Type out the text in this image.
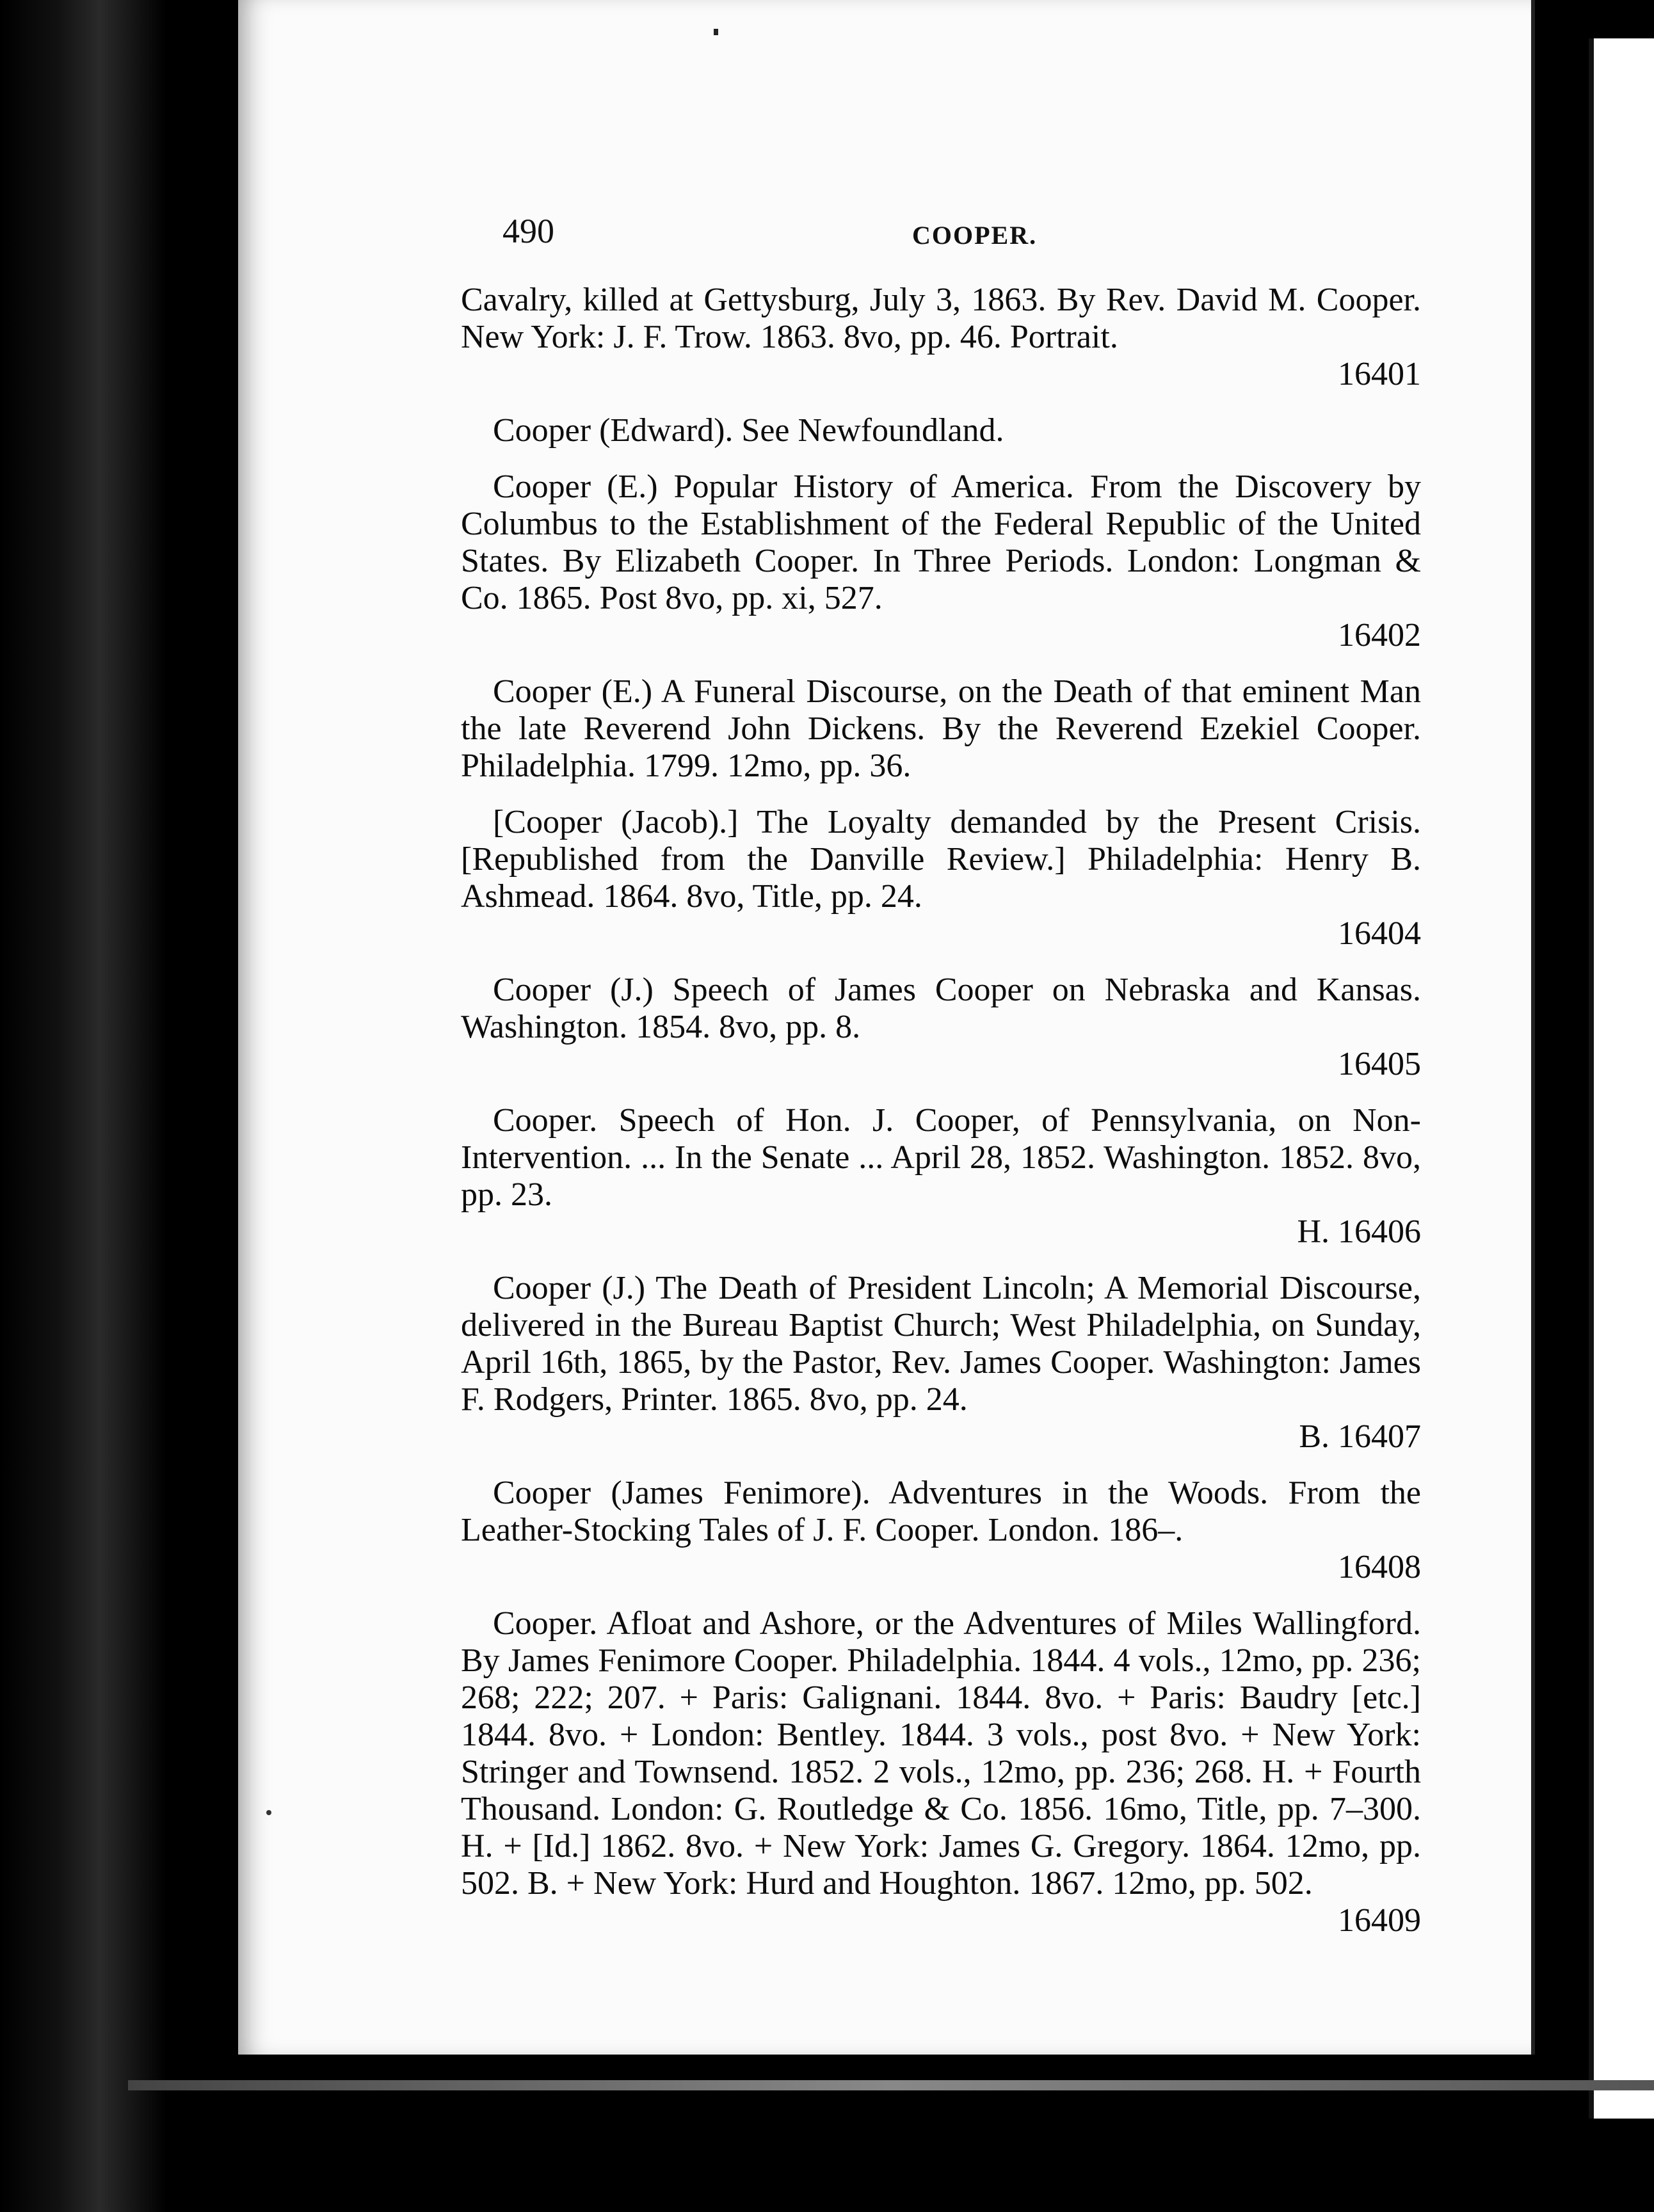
490	COOPER.

Cavalry, killed at Gettysburg, July 3, 1863. By Rev. David M. Cooper. New York: J. F. Trow. 1863. 8vo, pp. 46. Portrait.
16401

Cooper (Edward). See Newfoundland.

Cooper (E.) Popular History of America. From the Discovery by Columbus to the Establishment of the Federal Republic of the United States. By Elizabeth Cooper. In Three Periods. London: Longman & Co. 1865. Post 8vo, pp. xi, 527.
16402

Cooper (E.) A Funeral Discourse, on the Death of that eminent Man the late Reverend John Dickens. By the Reverend Ezekiel Cooper. Philadelphia. 1799. 12mo, pp. 36.

[Cooper (Jacob).] The Loyalty demanded by the Present Crisis. [Republished from the Danville Review.] Philadelphia: Henry B. Ashmead. 1864. 8vo, Title, pp. 24.
16404

Cooper (J.) Speech of James Cooper on Nebraska and Kansas. Washington. 1854. 8vo, pp. 8.
16405

Cooper. Speech of Hon. J. Cooper, of Pennsylvania, on Non-Intervention. ... In the Senate ... April 28, 1852. Washington. 1852. 8vo, pp. 23.
H. 16406

Cooper (J.) The Death of President Lincoln; A Memorial Discourse, delivered in the Bureau Baptist Church; West Philadelphia, on Sunday, April 16th, 1865, by the Pastor, Rev. James Cooper. Washington: James F. Rodgers, Printer. 1865. 8vo, pp. 24.
B. 16407

Cooper (James Fenimore). Adventures in the Woods. From the Leather-Stocking Tales of J. F. Cooper. London. 186–.
16408

Cooper. Afloat and Ashore, or the Adventures of Miles Wallingford. By James Fenimore Cooper. Philadelphia. 1844. 4 vols., 12mo, pp. 236; 268; 222; 207. + Paris: Galignani. 1844. 8vo. + Paris: Baudry [etc.] 1844. 8vo. + London: Bentley. 1844. 3 vols., post 8vo. + New York: Stringer and Townsend. 1852. 2 vols., 12mo, pp. 236; 268. H. + Fourth Thousand. London: G. Routledge & Co. 1856. 16mo, Title, pp. 7–300. H. + [Id.] 1862. 8vo. + New York: James G. Gregory. 1864. 12mo, pp. 502. B. + New York: Hurd and Houghton. 1867. 12mo, pp. 502.
16409
